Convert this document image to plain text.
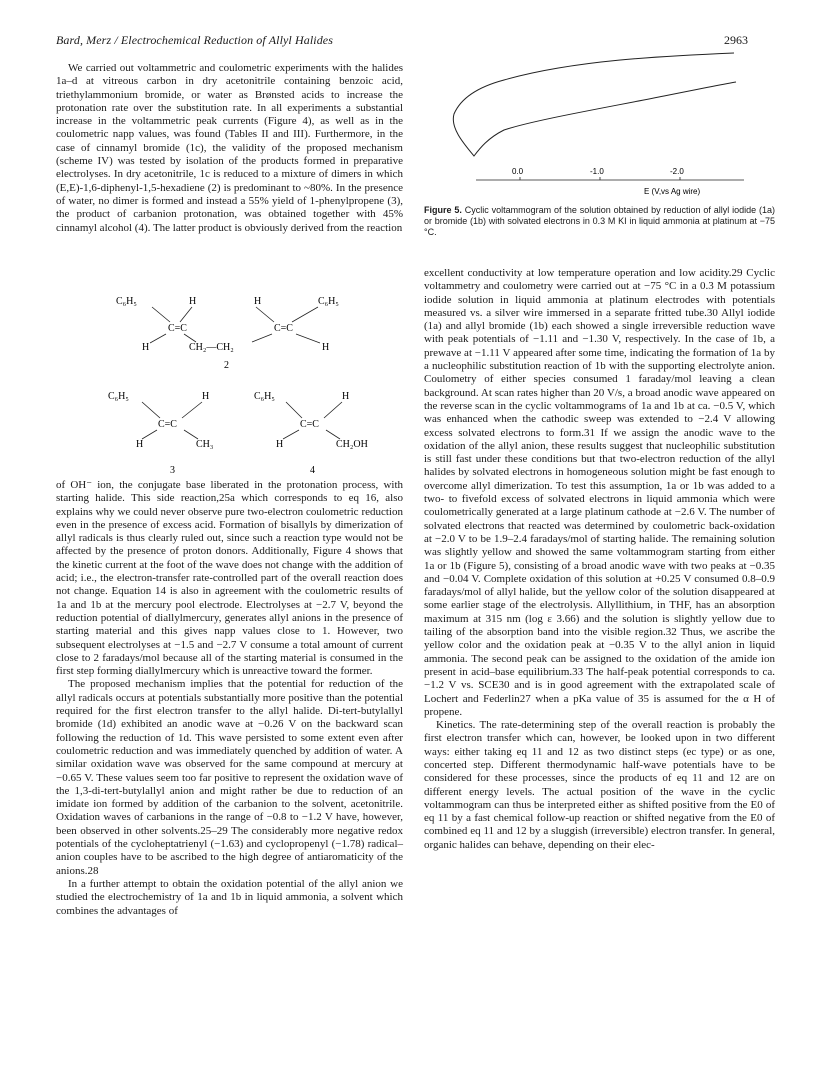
Bard, Merz / Electrochemical Reduction of Allyl Halides	2963

We carried out voltammetric and coulometric experiments with the halides 1a–d at vitreous carbon in dry acetonitrile containing benzoic acid, triethylammonium bromide, or water as Brønsted acids to increase the protonation rate over the substitution rate. In all experiments a substantial increase in the voltammetric peak currents (Figure 4), as well as in the coulometric napp values, was found (Tables II and III). Furthermore, in the case of cinnamyl bromide (1c), the validity of the proposed mechanism (scheme IV) was tested by isolation of the products formed in preparative electrolyses. In dry acetonitrile, 1c is reduced to a mixture of dimers in which (E,E)-1,6-diphenyl-1,5-hexadiene (2) is predominant to ~80%. In the presence of water, no dimer is formed and instead a 55% yield of 1-phenylpropene (3), the product of carbanion protonation, was obtained together with 45% cinnamyl alcohol (4). The latter product is obviously derived from the reaction

C₆H₅	H
C=C
H	CH₂—CH₂
H
C=C
C₆H₅
H
2
C₆H₅	H
C=C
H	CH₃
3
C₆H₅	H
C=C
H	CH₂OH
4

of OH⁻ ion, the conjugate base liberated in the protonation process, with starting halide. This side reaction,25a which corresponds to eq 16, also explains why we could never observe pure two-electron coulometric reduction even in the presence of excess acid. Formation of bisallyls by dimerization of allyl radicals is thus clearly ruled out, since such a reaction type would not be affected by the presence of proton donors. Additionally, Figure 4 shows that the kinetic current at the foot of the wave does not change with the addition of acid; i.e., the electron-transfer rate-controlled part of the overall reaction does not change. Equation 14 is also in agreement with the coulometric results of 1a and 1b at the mercury pool electrode. Electrolyses at −2.7 V, beyond the reduction potential of diallylmercury, generates allyl anions in the presence of starting material and this gives napp values close to 1. However, two subsequent electrolyses at −1.5 and −2.7 V consume a total amount of current close to 2 faradays/mol because all of the starting material is consumed in the first step forming diallylmercury which is unreactive toward the former.

The proposed mechanism implies that the potential for reduction of the allyl radicals occurs at potentials substantially more positive than the potential required for the first electron transfer to the allyl halide. Di-tert-butylallyl bromide (1d) exhibited an anodic wave at −0.26 V on the backward scan following the reduction of 1d. This wave persisted to some extent even after coulometric reduction and was immediately quenched by addition of water. A similar oxidation wave was observed for the same compound at mercury at −0.65 V. These values seem too far positive to represent the oxidation wave of the 1,3-di-tert-butylallyl anion and might rather be due to reduction of an imidate ion formed by addition of the carbanion to the solvent, acetonitrile. Oxidation waves of carbanions in the range of −0.8 to −1.2 V have, however, been observed in other solvents.25–29 The considerably more negative redox potentials of the cycloheptatrienyl (−1.63) and cyclopropenyl (−1.78) radical–anion couples have to be ascribed to the high degree of antiaromaticity of the anions.28

In a further attempt to obtain the oxidation potential of the allyl anion we studied the electrochemistry of 1a and 1b in liquid ammonia, a solvent which combines the advantages of

0.0	-1.0	-2.0
E (V,vs Ag wire)
Figure 5. Cyclic voltammogram of the solution obtained by reduction of allyl iodide (1a) or bromide (1b) with solvated electrons in 0.3 M KI in liquid ammonia at platinum at −75 °C.

excellent conductivity at low temperature operation and low acidity.29 Cyclic voltammetry and coulometry were carried out at −75 °C in a 0.3 M potassium iodide solution in liquid ammonia at platinum electrodes with potentials measured vs. a silver wire immersed in a separate fritted tube.30 Allyl iodide (1a) and allyl bromide (1b) each showed a single irreversible reduction wave with peak potentials of −1.11 and −1.30 V, respectively. In the case of 1b, a prewave at −1.11 V appeared after some time, indicating the formation of 1a by a nucleophilic substitution reaction of 1b with the supporting electrolyte anion. Coulometry of either species consumed 1 faraday/mol leaving a clean background. At scan rates higher than 20 V/s, a broad anodic wave appeared on the reverse scan in the cyclic voltammograms of 1a and 1b at ca. −0.5 V, which was enhanced when the cathodic sweep was extended to −2.4 V allowing excess solvated electrons to form.31 If we assign the anodic wave to the oxidation of the allyl anion, these results suggest that nucleophilic substitution is still fast under these conditions but that two-electron reduction of the allyl halides by solvated electrons in homogeneous solution might be fast enough to overcome allyl dimerization. To test this assumption, 1a or 1b was added to a two- to fivefold excess of solvated electrons in liquid ammonia which were coulometrically generated at a large platinum cathode at −2.6 V. The number of solvated electrons that reacted was determined by coulometric back-oxidation at −2.0 V to be 1.9–2.4 faradays/mol of starting halide. The remaining solution was slightly yellow and showed the same voltammogram starting from either 1a or 1b (Figure 5), consisting of a broad anodic wave with two peaks at −0.35 and −0.04 V. Complete oxidation of this solution at +0.25 V consumed 0.8–0.9 faradays/mol of allyl halide, but the yellow color of the solution disappeared at some earlier stage of the electrolysis. Allyllithium, in THF, has an absorption maximum at 315 nm (log ε 3.66) and the solution is slightly yellow due to tailing of the absorption band into the visible region.32 Thus, we ascribe the yellow color and the oxidation peak at −0.35 V to the allyl anion in liquid ammonia. The second peak can be assigned to the oxidation of the amide ion present in acid–base equilibrium.33 The half-peak potential corresponds to ca. −1.2 V vs. SCE30 and is in good agreement with the extrapolated scale of Lochert and Federlin27 when a pKa value of 35 is assumed for the α H of propene.

Kinetics. The rate-determining step of the overall reaction is probably the first electron transfer which can, however, be looked upon in two different ways: either taking eq 11 and 12 as two distinct steps (ec type) or as one, concerted step. Different thermodynamic half-wave potentials have to be considered for these processes, since the products of eq 11 and 12 are on different energy levels. The actual position of the wave in the cyclic voltammogram can thus be interpreted either as shifted positive from the E0 of eq 11 by a fast chemical follow-up reaction or shifted negative from the E0 of combined eq 11 and 12 by a sluggish (irreversible) electron transfer. In general, organic halides can behave, depending on their elec-
